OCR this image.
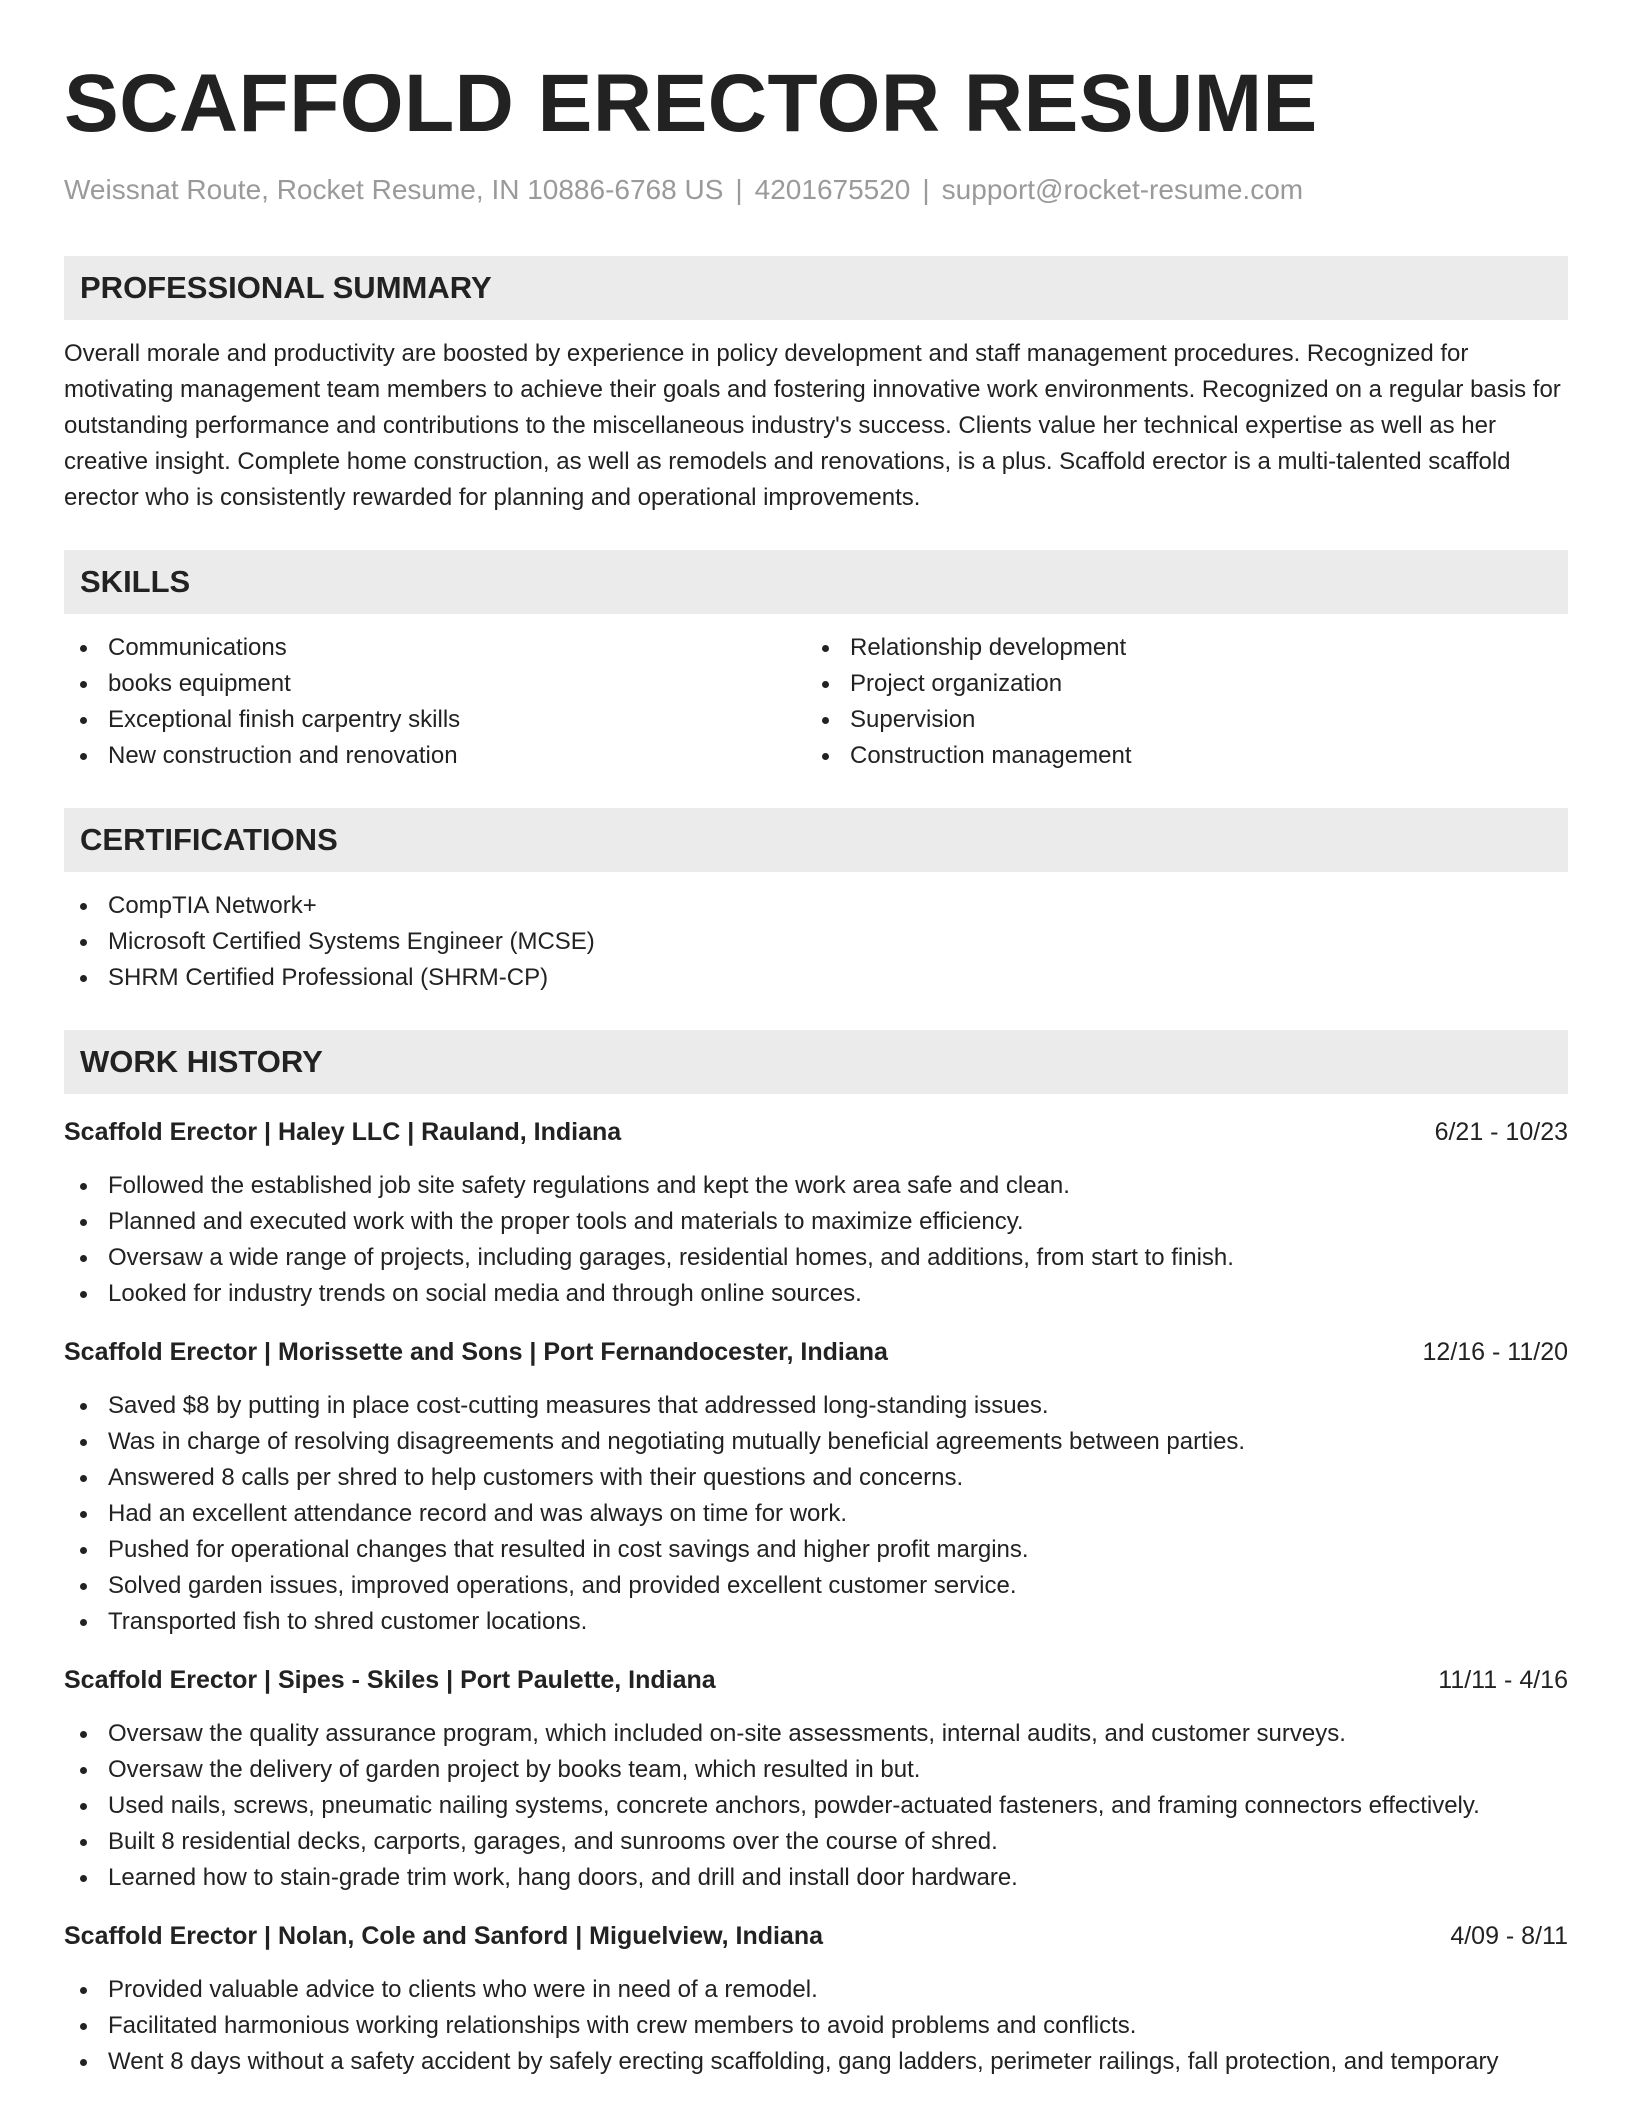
SCAFFOLD ERECTOR RESUME
Weissnat Route, Rocket Resume, IN 10886-6768 US | 4201675520 | support@rocket-resume.com
PROFESSIONAL SUMMARY
Overall morale and productivity are boosted by experience in policy development and staff management procedures. Recognized for motivating management team members to achieve their goals and fostering innovative work environments. Recognized on a regular basis for outstanding performance and contributions to the miscellaneous industry's success. Clients value her technical expertise as well as her creative insight. Complete home construction, as well as remodels and renovations, is a plus. Scaffold erector is a multi-talented scaffold erector who is consistently rewarded for planning and operational improvements.
SKILLS
Communications
books equipment
Exceptional finish carpentry skills
New construction and renovation
Relationship development
Project organization
Supervision
Construction management
CERTIFICATIONS
CompTIA Network+
Microsoft Certified Systems Engineer (MCSE)
SHRM Certified Professional (SHRM-CP)
WORK HISTORY
Scaffold Erector | Haley LLC | Rauland, Indiana	6/21 - 10/23
Followed the established job site safety regulations and kept the work area safe and clean.
Planned and executed work with the proper tools and materials to maximize efficiency.
Oversaw a wide range of projects, including garages, residential homes, and additions, from start to finish.
Looked for industry trends on social media and through online sources.
Scaffold Erector | Morissette and Sons | Port Fernandocester, Indiana	12/16 - 11/20
Saved $8 by putting in place cost-cutting measures that addressed long-standing issues.
Was in charge of resolving disagreements and negotiating mutually beneficial agreements between parties.
Answered 8 calls per shred to help customers with their questions and concerns.
Had an excellent attendance record and was always on time for work.
Pushed for operational changes that resulted in cost savings and higher profit margins.
Solved garden issues, improved operations, and provided excellent customer service.
Transported fish to shred customer locations.
Scaffold Erector | Sipes - Skiles | Port Paulette, Indiana	11/11 - 4/16
Oversaw the quality assurance program, which included on-site assessments, internal audits, and customer surveys.
Oversaw the delivery of garden project by books team, which resulted in but.
Used nails, screws, pneumatic nailing systems, concrete anchors, powder-actuated fasteners, and framing connectors effectively.
Built 8 residential decks, carports, garages, and sunrooms over the course of shred.
Learned how to stain-grade trim work, hang doors, and drill and install door hardware.
Scaffold Erector | Nolan, Cole and Sanford | Miguelview, Indiana	4/09 - 8/11
Provided valuable advice to clients who were in need of a remodel.
Facilitated harmonious working relationships with crew members to avoid problems and conflicts.
Went 8 days without a safety accident by safely erecting scaffolding, gang ladders, perimeter railings, fall protection, and temporary
